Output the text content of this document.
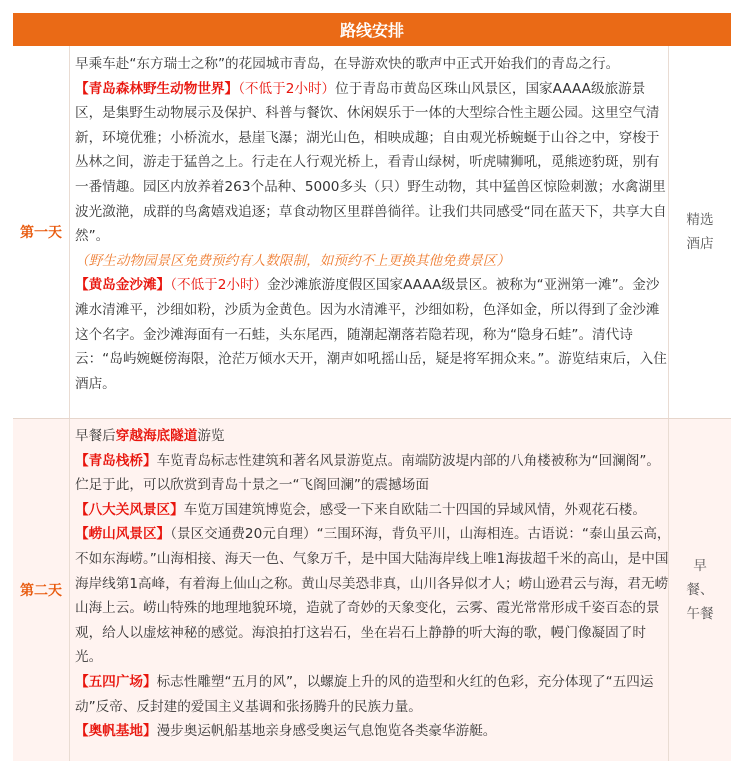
路线安排
第一天

早乘车赴“东方瑞士之称”的花园城市青岛，在导游欢快的歌声中正式开始我们的青岛之行。

【青岛森林野生动物世界】（不低于2小时）位于青岛市黄岛区珠山风景区，国家AAAA级旅游景区，是集野生动物展示及保护、科普与餐饮、休闲娱乐于一体的大型综合性主题公园。这里空气清新，环境优雅；小桥流水，悬崖飞瀑；湖光山色，相映成趣；自由观光桥蜿蜒于山谷之中，穿梭于丛林之间，游走于猛兽之上。行走在人行观光桥上，看青山绿树，听虎啸狮吼，觅熊迹豹斑，别有一番情趣。园区内放养着263个品种、5000多头（只）野生动物，其中猛兽区惊险刺激；水禽湖里波光潋滟，成群的鸟禽嬉戏追逐；草食动物区里群兽徜徉。让我们共同感受“同在蓝天下，共享大自然”。

（野生动物园景区免费预约有人数限制，如预约不上更换其他免费景区）

【黄岛金沙滩】（不低于2小时）金沙滩旅游度假区国家AAAA级景区。被称为“亚洲第一滩”。金沙滩水清滩平，沙细如粉，沙质为金黄色。因为水清滩平，沙细如粉，色泽如金，所以得到了金沙滩这个名字。金沙滩海面有一石蛙，头东尾西，随潮起潮落若隐若现，称为“隐身石蛙”。清代诗云：“岛屿婉蜒傍海限，沧茫万倾水天开，潮声如吼摇山岳，疑是将军拥众来。”。游览结束后，入住酒店。

精选酒店
第二天

早餐后穿越海底隧道游览

【青岛栈桥】车览青岛标志性建筑和著名风景游览点。南端防波堤内部的八角楼被称为“回澜阁”。伫足于此，可以欣赏到青岛十景之一“飞阁回澜”的震撼场面

【八大关风景区】车览万国建筑博览会，感受一下来自欧陆二十四国的异域风情，外观花石楼。

【崂山风景区】（景区交通费20元自理）“三围环海，背负平川，山海相连。古语说：“泰山虽云高，不如东海崂。”山海相接、海天一色、气象万千，是中国大陆海岸线上唯1海拔超千米的高山，是中国海岸线第1高峰，有着海上仙山之称。黄山尽美恐非真，山川各异似才人；崂山逊君云与海，君无崂山海上云。崂山特殊的地理地貌环境，造就了奇妙的天象变化，云雾、霞光常常形成千姿百态的景观，给人以虚炫神秘的感觉。海浪拍打这岩石，坐在岩石上静静的听大海的歌，幔门像凝固了时光。

【五四广场】标志性雕塑“五月的风”，以螺旋上升的风的造型和火红的色彩，充分体现了“五四运动”反帝、反封建的爱国主义基调和张扬腾升的民族力量。

【奥帆基地】漫步奥运帆船基地亲身感受奥运气息饱览各类豪华游艇。

早餐、午餐
